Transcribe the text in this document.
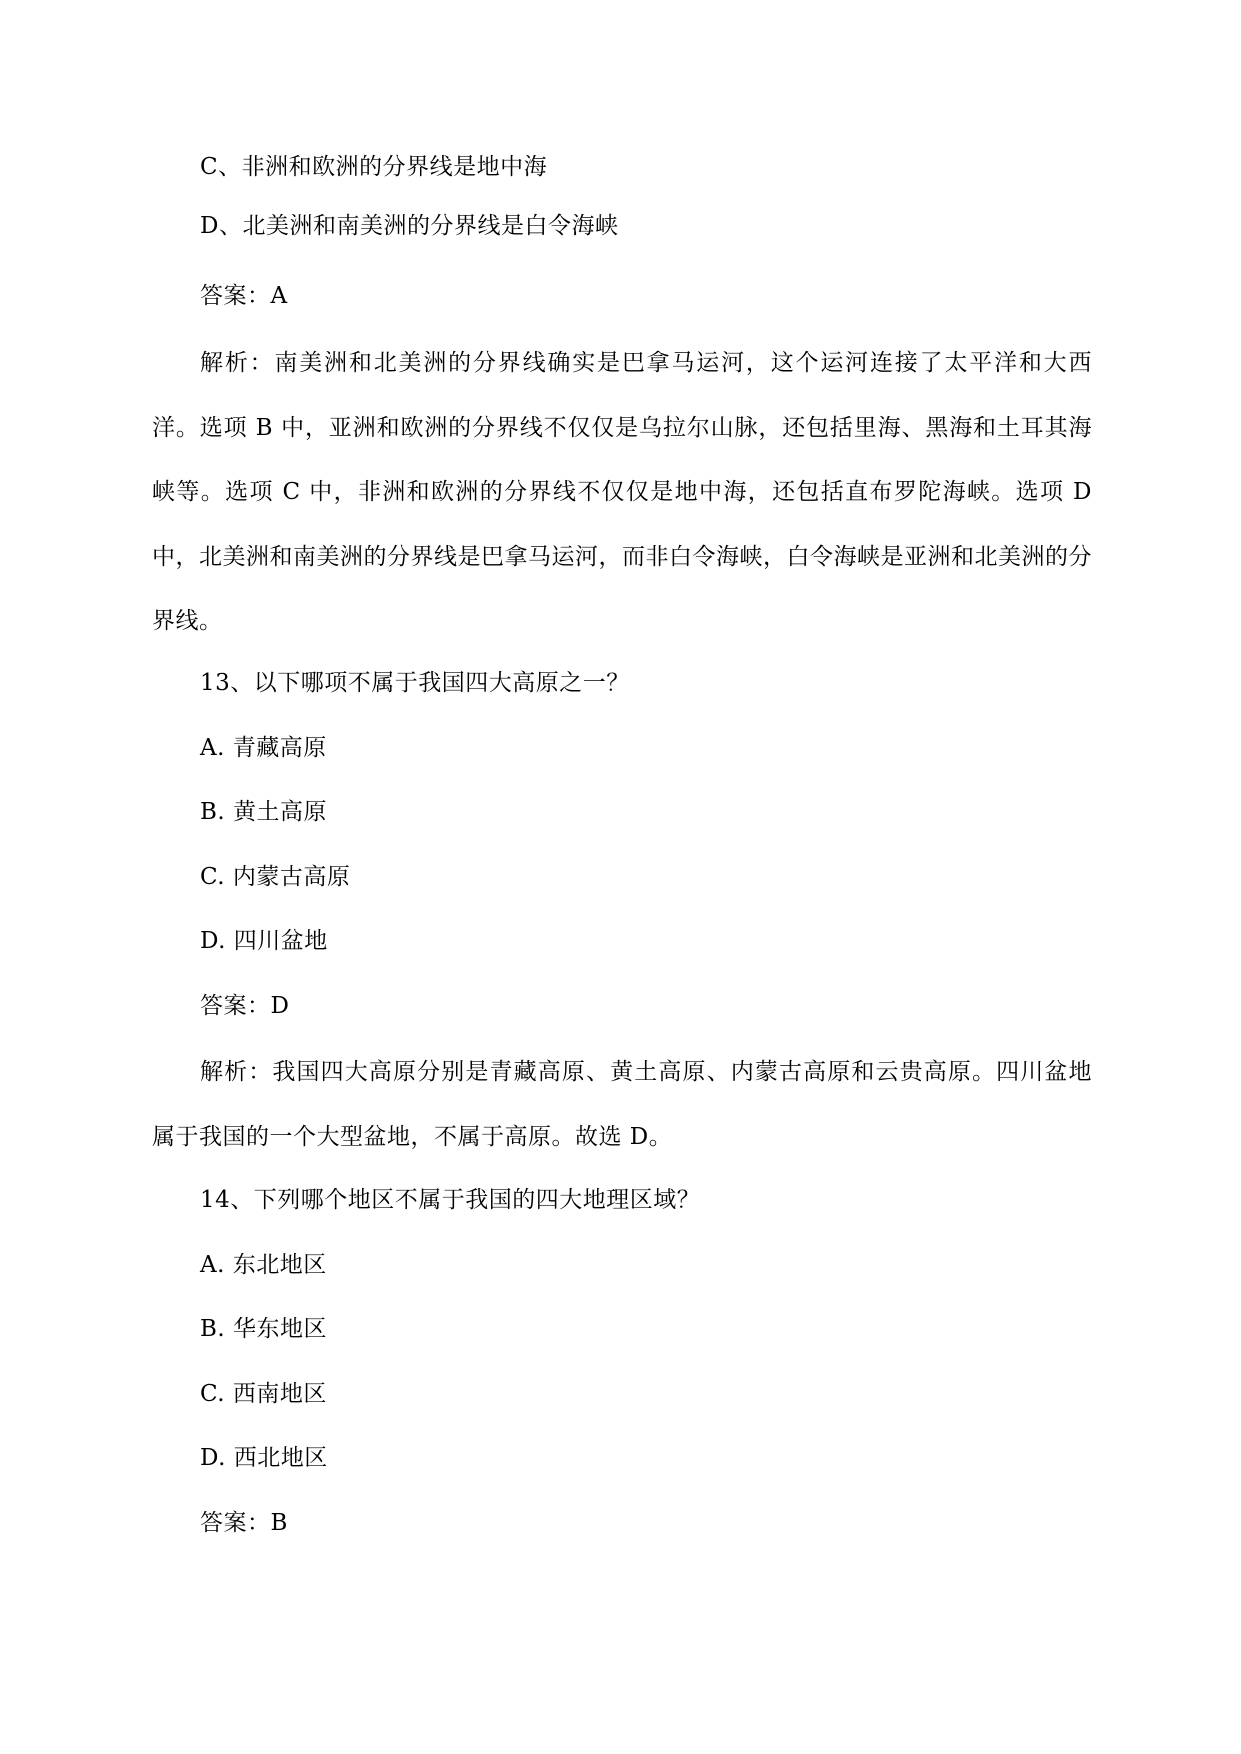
C、非洲和欧洲的分界线是地中海
D、北美洲和南美洲的分界线是白令海峡
答案：A
解析：南美洲和北美洲的分界线确实是巴拿马运河，这个运河连接了太平洋和大西洋。选项 B 中，亚洲和欧洲的分界线不仅仅是乌拉尔山脉，还包括里海、黑海和土耳其海峡等。选项 C 中，非洲和欧洲的分界线不仅仅是地中海，还包括直布罗陀海峡。选项 D 中，北美洲和南美洲的分界线是巴拿马运河，而非白令海峡，白令海峡是亚洲和北美洲的分界线。
13、以下哪项不属于我国四大高原之一？
A. 青藏高原
B. 黄土高原
C. 内蒙古高原
D. 四川盆地
答案：D
解析：我国四大高原分别是青藏高原、黄土高原、内蒙古高原和云贵高原。四川盆地属于我国的一个大型盆地，不属于高原。故选 D。
14、下列哪个地区不属于我国的四大地理区域？
A. 东北地区
B. 华东地区
C. 西南地区
D. 西北地区
答案：B
